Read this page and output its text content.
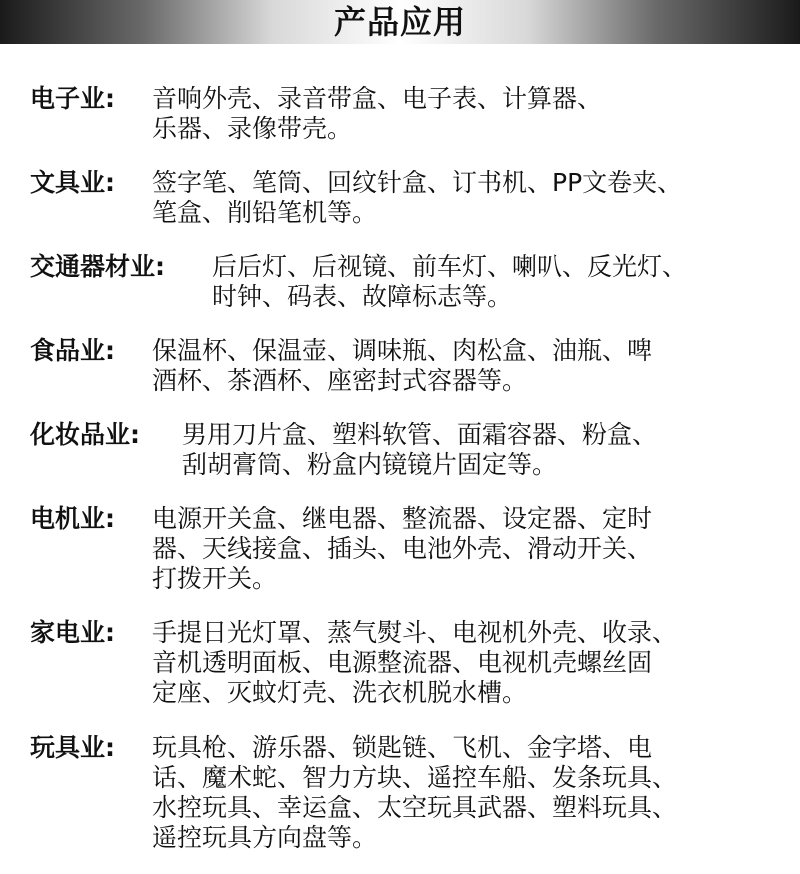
产品应用
电子业: 音响外壳、录音带盒、电子表、计算器、
乐器、录像带壳。
文具业: 签字笔、笔筒、回纹针盒、订书机、PP文卷夹、
笔盒、削铅笔机等。
交通器材业: 后后灯、后视镜、前车灯、喇叭、反光灯、
时钟、码表、故障标志等。
食品业: 保温杯、保温壶、调味瓶、肉松盒、油瓶、啤
酒杯、茶酒杯、座密封式容器等。
化妆品业: 男用刀片盒、塑料软管、面霜容器、粉盒、
刮胡膏筒、粉盒内镜镜片固定等。
电机业: 电源开关盒、继电器、整流器、设定器、定时
器、天线接盒、插头、电池外壳、滑动开关、
打拨开关。
家电业: 手提日光灯罩、蒸气熨斗、电视机外壳、收录、
音机透明面板、电源整流器、电视机壳螺丝固
定座、灭蚊灯壳、洗衣机脱水槽。
玩具业: 玩具枪、游乐器、锁匙链、飞机、金字塔、电
话、魔术蛇、智力方块、遥控车船、发条玩具、
水控玩具、幸运盒、太空玩具武器、塑料玩具、
遥控玩具方向盘等。
